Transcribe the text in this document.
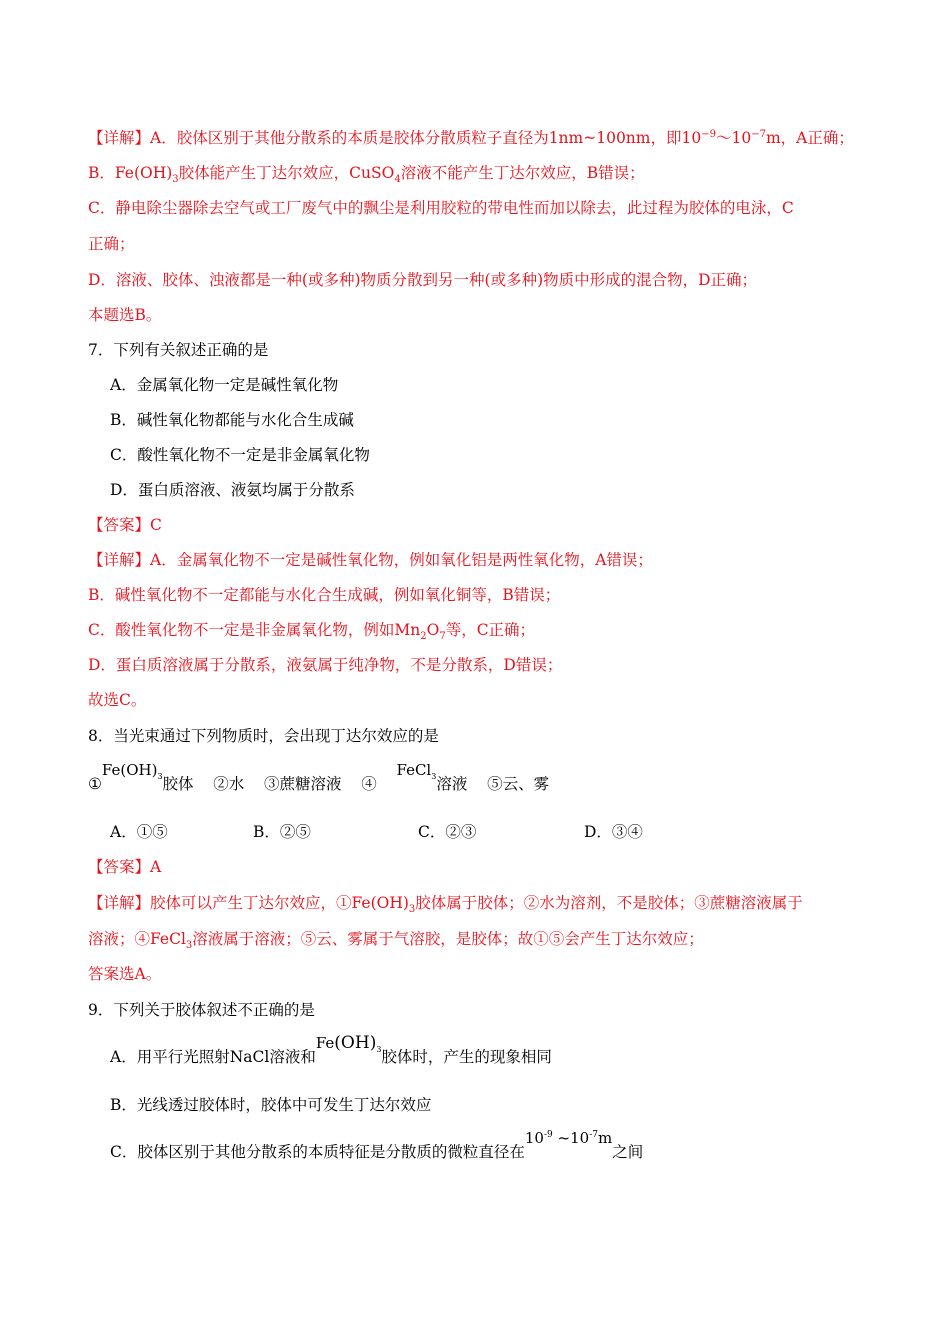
【详解】A．胶体区别于其他分散系的本质是胶体分散质粒子直径为1nm~100nm，即$10^{-9}\sim 10^{-7}m$，A正确；
B．$Fe(OH)_3$胶体能产生丁达尔效应，CuSO$_4$溶液不能产生丁达尔效应，B错误；
C．静电除尘器除去空气或工厂废气中的飘尘是利用胶粒的带电性而加以除去，此过程为胶体的电泳，C
正确；
D．溶液、胶体、浊液都是一种(或多种)物质分散到另一种(或多种)物质中形成的混合物，D正确；
本题选B。
7．下列有关叙述正确的是
A．金属氧化物一定是碱性氧化物
B．碱性氧化物都能与水化合生成碱
C．酸性氧化物不一定是非金属氧化物
D．蛋白质溶液、液氨均属于分散系
【答案】C
【详解】A．金属氧化物不一定是碱性氧化物，例如氧化铝是两性氧化物，A错误；
B．碱性氧化物不一定都能与水化合生成碱，例如氧化铜等，B错误；
C．酸性氧化物不一定是非金属氧化物，例如$Mn_2O_7$等，C正确；
D．蛋白质溶液属于分散系，液氨属于纯净物，不是分散系，D错误；
故选C。
8．当光束通过下列物质时，会出现丁达尔效应的是
$①Fe(OH)_3$胶体 ②水 ③蔗糖溶液 ④    FeCl$_3$溶液 ⑤云、雾
A．①⑤	B．②⑤	C．②③	D．③④
【答案】A
【详解】胶体可以产生丁达尔效应，$①Fe(OH)_3$胶体属于胶体；②水为溶剂，不是胶体；③蔗糖溶液属于
溶液；④FeCl$_3$溶液属于溶液；⑤云、雾属于气溶胶，是胶体；故①⑤会产生丁达尔效应；
答案选A。
9．下列关于胶体叙述不正确的是
A．用平行光照射NaCl溶液和$Fe(OH)_3$胶体时，产生的现象相同
B．光线透过胶体时，胶体中可发生丁达尔效应
C．胶体区别于其他分散系的本质特征是分散质的微粒直径在$10^{-9}$ $\sim 10^{-7}m$之间
